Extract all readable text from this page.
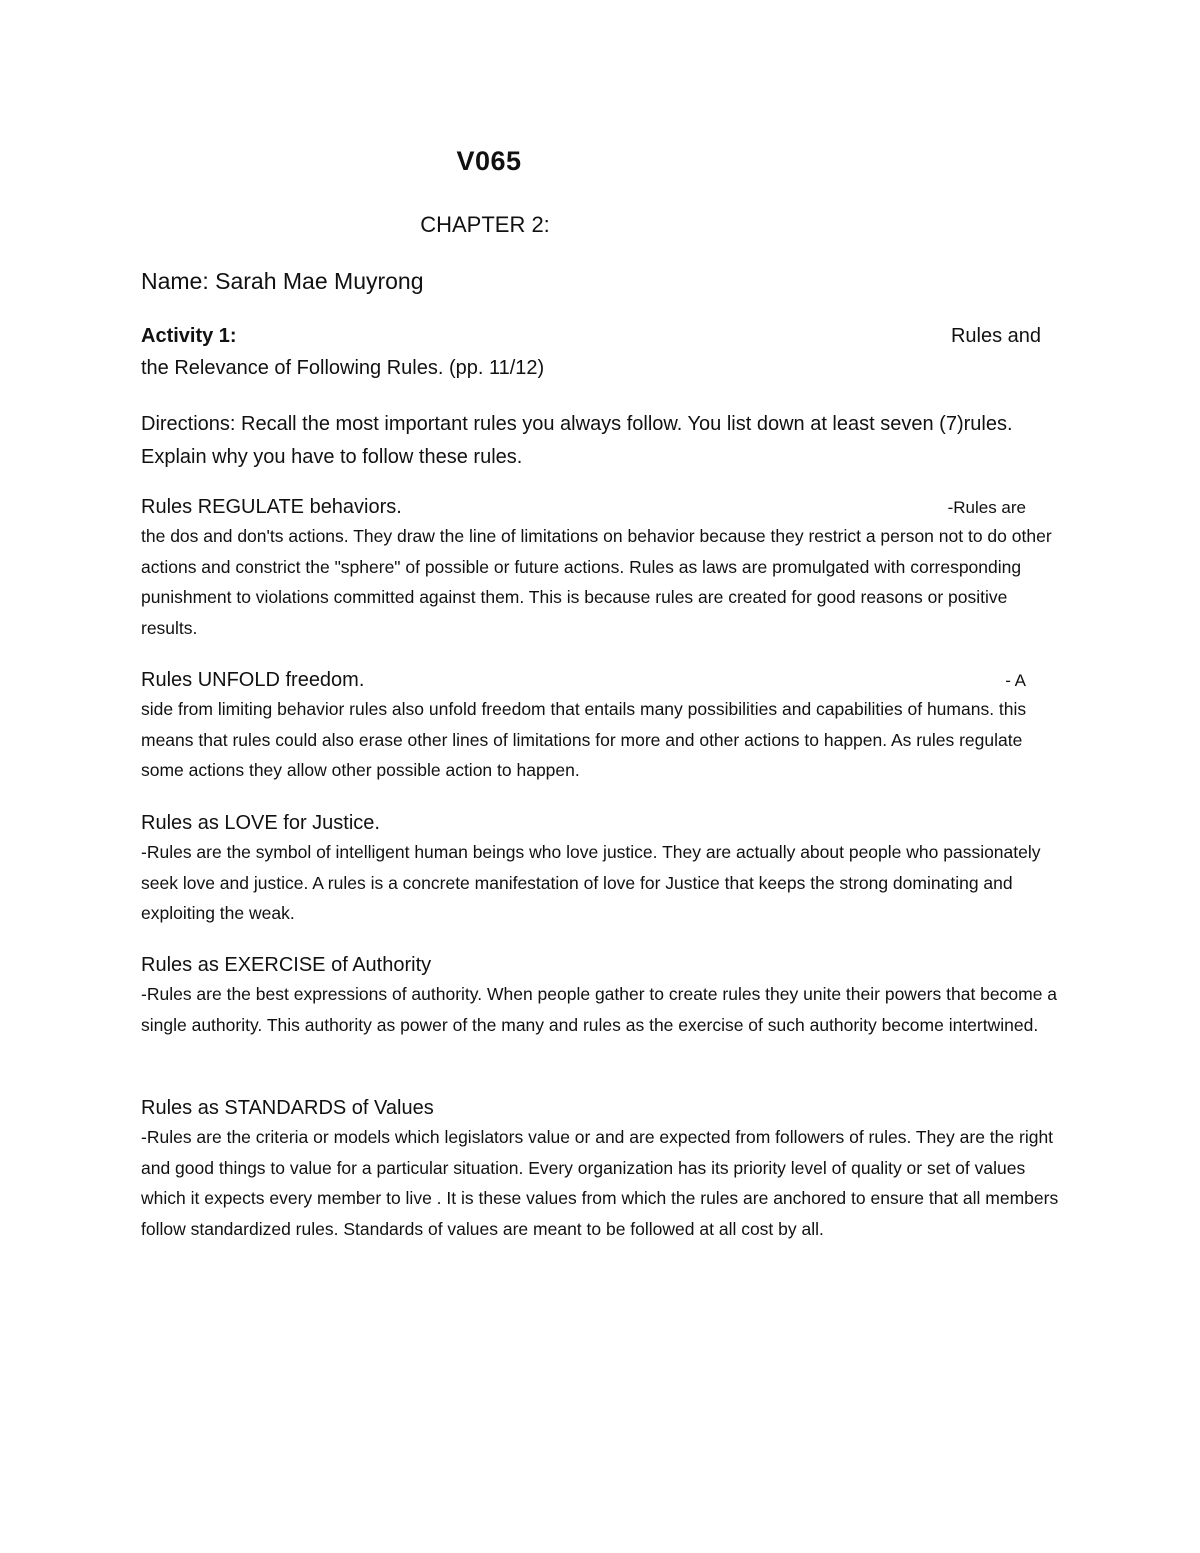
V065
CHAPTER 2:
Name: Sarah Mae Muyrong
Activity 1:	Rules and
the Relevance of Following Rules. (pp. 11/12)
Directions: Recall the most important rules you always follow. You list down at least seven (7)rules. Explain why you have to follow these rules.
Rules REGULATE behaviors.	-Rules are
the dos and don'ts actions. They draw the line of limitations on behavior because they restrict a person not to do other actions and constrict the "sphere" of possible or future actions. Rules as laws are promulgated with corresponding punishment to violations committed against them. This is because rules are created for good reasons or positive results.
Rules UNFOLD freedom.	- A
side from limiting behavior rules also unfold freedom that entails many possibilities and capabilities of humans. this means that rules could also erase other lines of limitations for more and other actions to happen. As rules regulate some actions they allow other possible action to happen.
Rules as LOVE for Justice.
-Rules are the symbol of intelligent human beings who love justice. They are actually about people who passionately seek love and justice. A rules is a concrete manifestation of love for Justice that keeps the strong dominating and exploiting the weak.
Rules as EXERCISE of Authority
-Rules are the best expressions of authority. When people gather to create rules they unite their powers that become a single authority. This authority as power of the many and rules as the exercise of such authority become intertwined.
Rules as STANDARDS of Values
-Rules are the criteria or models which legislators value or and are expected from followers of rules. They are the right and good things to value for a particular situation. Every organization has its priority level of quality or set of values which it expects every member to live . It is these values from which the rules are anchored to ensure that all members follow standardized rules. Standards of values are meant to be followed at all cost by all.
